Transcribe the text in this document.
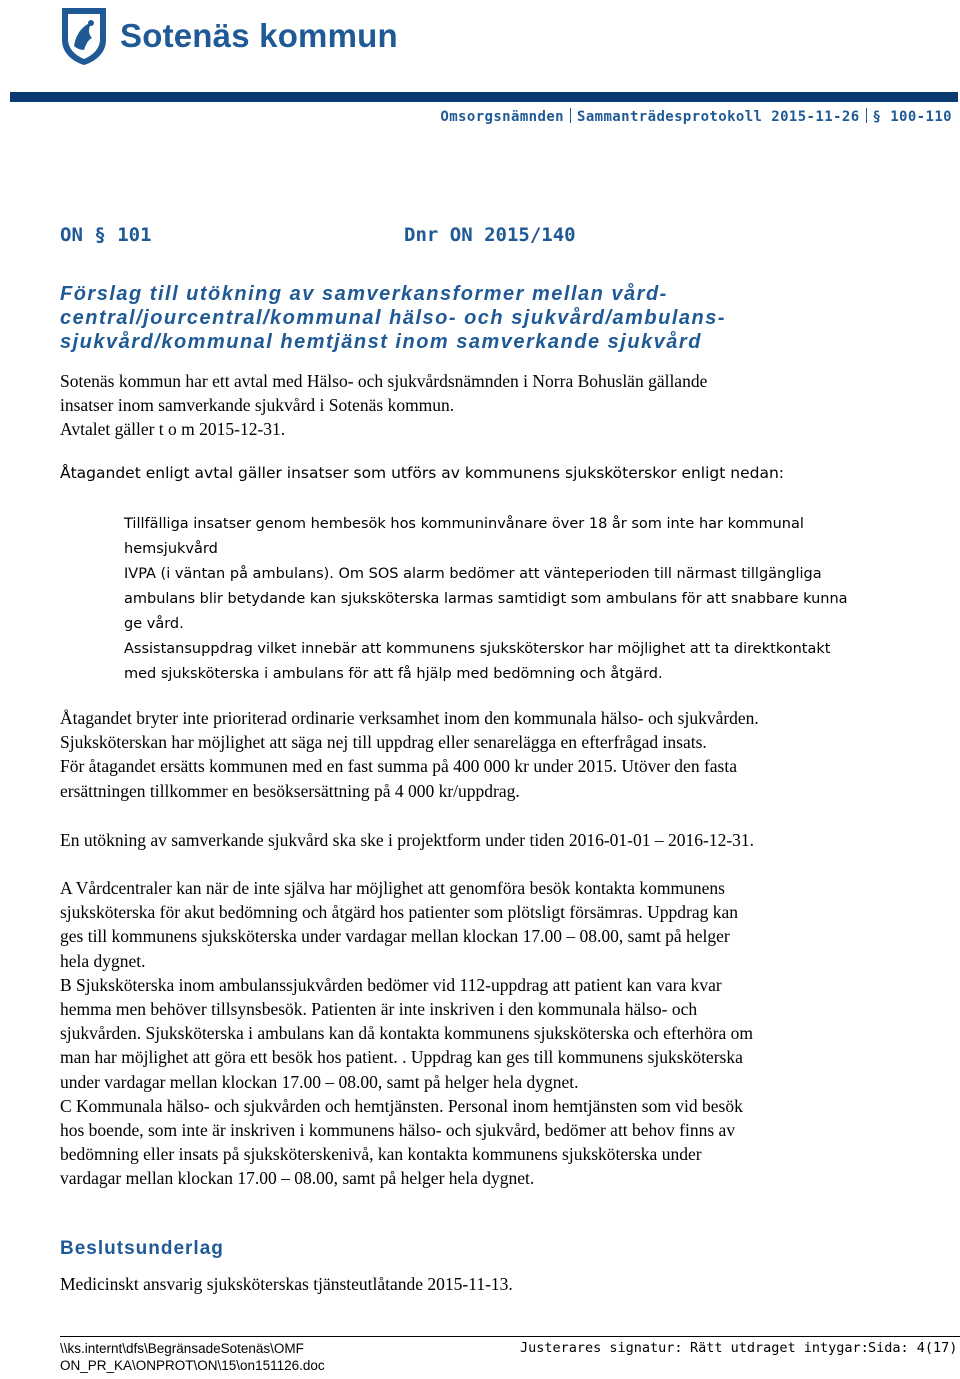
Sotenäs kommun
Omsorgsnämnden Sammanträdesprotokoll 2015-11-26 § 100-110
ON § 101	Dnr ON 2015/140
Förslag till utökning av samverkansformer mellan vård-
central/jourcentral/kommunal hälso- och sjukvård/ambulans-
sjukvård/kommunal hemtjänst inom samverkande sjukvård
Sotenäs kommun har ett avtal med Hälso- och sjukvårdsnämnden i Norra Bohuslän gällande
insatser inom samverkande sjukvård i Sotenäs kommun.
Avtalet gäller t o m 2015-12-31.
Åtagandet enligt avtal gäller insatser som utförs av kommunens sjuksköterskor enligt nedan:
Tillfälliga insatser genom hembesök hos kommuninvånare över 18 år som inte har kommunal
hemsjukvård
IVPA (i väntan på ambulans). Om SOS alarm bedömer att vänteperioden till närmast tillgängliga
ambulans blir betydande kan sjuksköterska larmas samtidigt som ambulans för att snabbare kunna
ge vård.
Assistansuppdrag vilket innebär att kommunens sjuksköterskor har möjlighet att ta direktkontakt
med sjuksköterska i ambulans för att få hjälp med bedömning och åtgärd.
Åtagandet bryter inte prioriterad ordinarie verksamhet inom den kommunala hälso- och sjukvården.
Sjuksköterskan har möjlighet att säga nej till uppdrag eller senarelägga en efterfrågad insats.
För åtagandet ersätts kommunen med en fast summa på 400 000 kr under 2015. Utöver den fasta
ersättningen tillkommer en besöksersättning på 4 000 kr/uppdrag.
En utökning av samverkande sjukvård ska ske i projektform under tiden 2016-01-01 – 2016-12-31.
A Vårdcentraler kan när de inte själva har möjlighet att genomföra besök kontakta kommunens
sjuksköterska för akut bedömning och åtgärd hos patienter som plötsligt försämras. Uppdrag kan
ges till kommunens sjuksköterska under vardagar mellan klockan 17.00 – 08.00, samt på helger
hela dygnet.
B Sjuksköterska inom ambulanssjukvården bedömer vid 112-uppdrag att patient kan vara kvar
hemma men behöver tillsynsbesök. Patienten är inte inskriven i den kommunala hälso- och
sjukvården. Sjuksköterska i ambulans kan då kontakta kommunens sjuksköterska och efterhöra om
man har möjlighet att göra ett besök hos patient. . Uppdrag kan ges till kommunens sjuksköterska
under vardagar mellan klockan 17.00 – 08.00, samt på helger hela dygnet.
C Kommunala hälso- och sjukvården och hemtjänsten. Personal inom hemtjänsten som vid besök
hos boende, som inte är inskriven i kommunens hälso- och sjukvård, bedömer att behov finns av
bedömning eller insats på sjuksköterskenivå, kan kontakta kommunens sjuksköterska under
vardagar mellan klockan 17.00 – 08.00, samt på helger hela dygnet.
Beslutsunderlag
Medicinskt ansvarig sjuksköterskas tjänsteutlåtande 2015-11-13.
\\ks.internt\dfs\BegränsadeSotenäs\OMF
ON_PR_KA\ONPROT\ON\15\on151126.doc
Justerares signatur: Rätt utdraget intygar: Sida: 4(17)
